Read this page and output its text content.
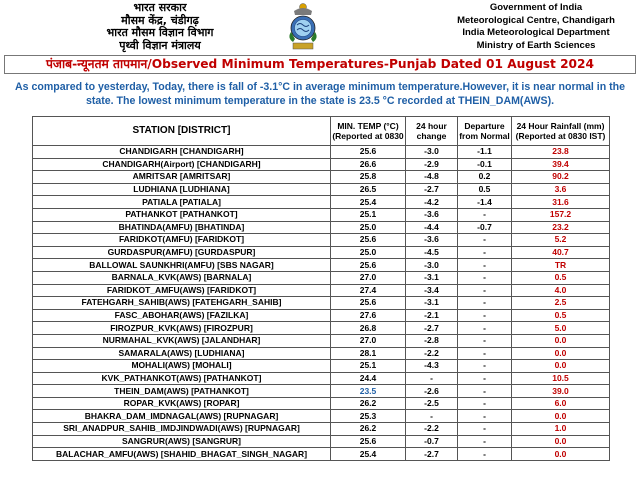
भारत सरकार
मौसम केंद्र, चंडीगढ़
भारत मौसम विज्ञान विभाग
पृथ्वी विज्ञान मंत्रालय
Government of India
Meteorological Centre, Chandigarh
India Meteorological Department
Ministry of Earth Sciences
पंजाब-न्यूनतम तापमान/Observed Minimum Temperatures-Punjab Dated 01 August 2024
As compared to yesterday, Today, there is fall of -3.1°C in average minimum temperature.However, it is near normal in the state. The lowest minimum temperature in the state is 23.5 °C recorded at THEIN_DAM(AWS).
STATION [DISTRICT]	MIN. TEMP (°C) (Reported at 0830	24 hour change	Departure from Normal	24 Hour Rainfall (mm) (Reported at 0830 IST)
CHANDIGARH [CHANDIGARH]	25.6	-3.0	-1.1	23.8
CHANDIGARH(Airport) [CHANDIGARH]	26.6	-2.9	-0.1	39.4
AMRITSAR [AMRITSAR]	25.8	-4.8	0.2	90.2
LUDHIANA [LUDHIANA]	26.5	-2.7	0.5	3.6
PATIALA [PATIALA]	25.4	-4.2	-1.4	31.6
PATHANKOT [PATHANKOT]	25.1	-3.6	-	157.2
BHATINDA(AMFU) [BHATINDA]	25.0	-4.4	-0.7	23.2
FARIDKOT(AMFU) [FARIDKOT]	25.6	-3.6	-	5.2
GURDASPUR(AMFU) [GURDASPUR]	25.0	-4.5	-	40.7
BALLOWAL SAUNKHRI(AMFU) [SBS NAGAR]	25.6	-3.0	-	TR
BARNALA_KVK(AWS) [BARNALA]	27.0	-3.1	-	0.5
FARIDKOT_AMFU(AWS) [FARIDKOT]	27.4	-3.4	-	4.0
FATEHGARH_SAHIB(AWS) [FATEHGARH_SAHIB]	25.6	-3.1	-	2.5
FASC_ABOHAR(AWS) [FAZILKA]	27.6	-2.1	-	0.5
FIROZPUR_KVK(AWS) [FIROZPUR]	26.8	-2.7	-	5.0
NURMAHAL_KVK(AWS) [JALANDHAR]	27.0	-2.8	-	0.0
SAMARALA(AWS) [LUDHIANA]	28.1	-2.2	-	0.0
MOHALI(AWS) [MOHALI]	25.1	-4.3	-	0.0
KVK_PATHANKOT(AWS) [PATHANKOT]	24.4	-	-	10.5
THEIN_DAM(AWS) [PATHANKOT]	23.5	-2.6	-	39.0
ROPAR_KVK(AWS) [ROPAR]	26.2	-2.5	-	6.0
BHAKRA_DAM_IMDNAGAL(AWS) [RUPNAGAR]	25.3	-	-	0.0
SRI_ANADPUR_SAHIB_IMDJINDWADI(AWS) [RUPNAGAR]	26.2	-2.2	-	1.0
SANGRUR(AWS) [SANGRUR]	25.6	-0.7	-	0.0
BALACHAR_AMFU(AWS) [SHAHID_BHAGAT_SINGH_NAGAR]	25.4	-2.7	-	0.0
